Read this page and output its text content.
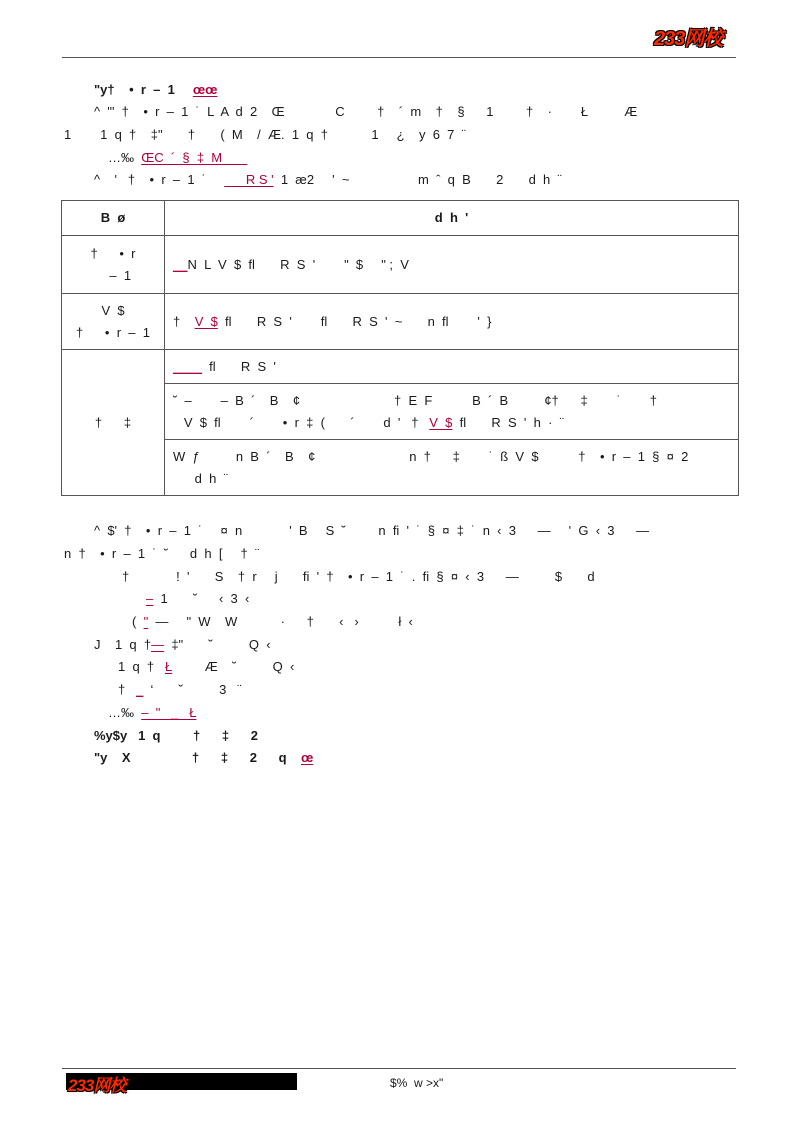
233网校
"y†    •  r  –  1     œœ
^  "'  †    •  r  –  1  ˙  L  A  d  2    Œ              C         †    ´  m    †    §      1         †    ·        Ł          Æ
1        1  q  †    ‡"       †       (  M    /  Æ.  1  q  †            1     ¿    y  6  7  ¨
…‰  ŒC  ´  §  ‡  M
^    '   †    •  r  –  1  ˙           R S '  1  æ2     '  ~                   m  ˆ  q  B       2       d  h  ¨
^  $'  †    •  r  –  1  ˙     ¤  n             '  B     S  ˘         n  fi  '  ˙  §  ¤  ‡  ˙  n  ‹  3      —     '  G  ‹  3      —
n  †    •  r  –  1  ˙  ˘      d  h  [     †  ¨
†             !  '       S    †  r     j       fi  '  †    •  r  –  1  ˙  .  fi  §  ¤  ‹  3      —          $       d
–  1       ˘      ‹  3  ‹
(  "  —     "  W    W            ·      †       ‹   ›           ł  ‹
J    1  q  †—  ‡"       ˘          Q  ‹
1  q  †   Ł         Æ    ˘          Q  ‹
†   _  ‘       ˘          3   ¨
…‰  –  "   _   Ł
%y$y   1  q         †      ‡      2
"y    X                 †      ‡      2      q    œ
B  ø	d  h  '
†      •  r
–  1	__N  L  V  $  fl       R  S  '        "  $     " ;  V

V  $
†      •  r  –  1	†    V  $  fl       R  S  '        fl       R  S  '  ~       n  fl        '  }

†      ‡	____  fl       R  S  '

	˘  –        –  B  ´    B    ¢                          †  E  F           B  ´  B          ¢†      ‡        ˙        †
V  $  fl        ´        •  r  ‡  (       ´        d  '   †   V  $  fl       R  S  '  h  ·  ¨

	W  ƒ          n  B  ´    B    ¢                          n  †      ‡        ˙  ß  V  $           †    •  r  –  1  §  ¤  2
d  h  ¨
233网校	$%  w >x"
